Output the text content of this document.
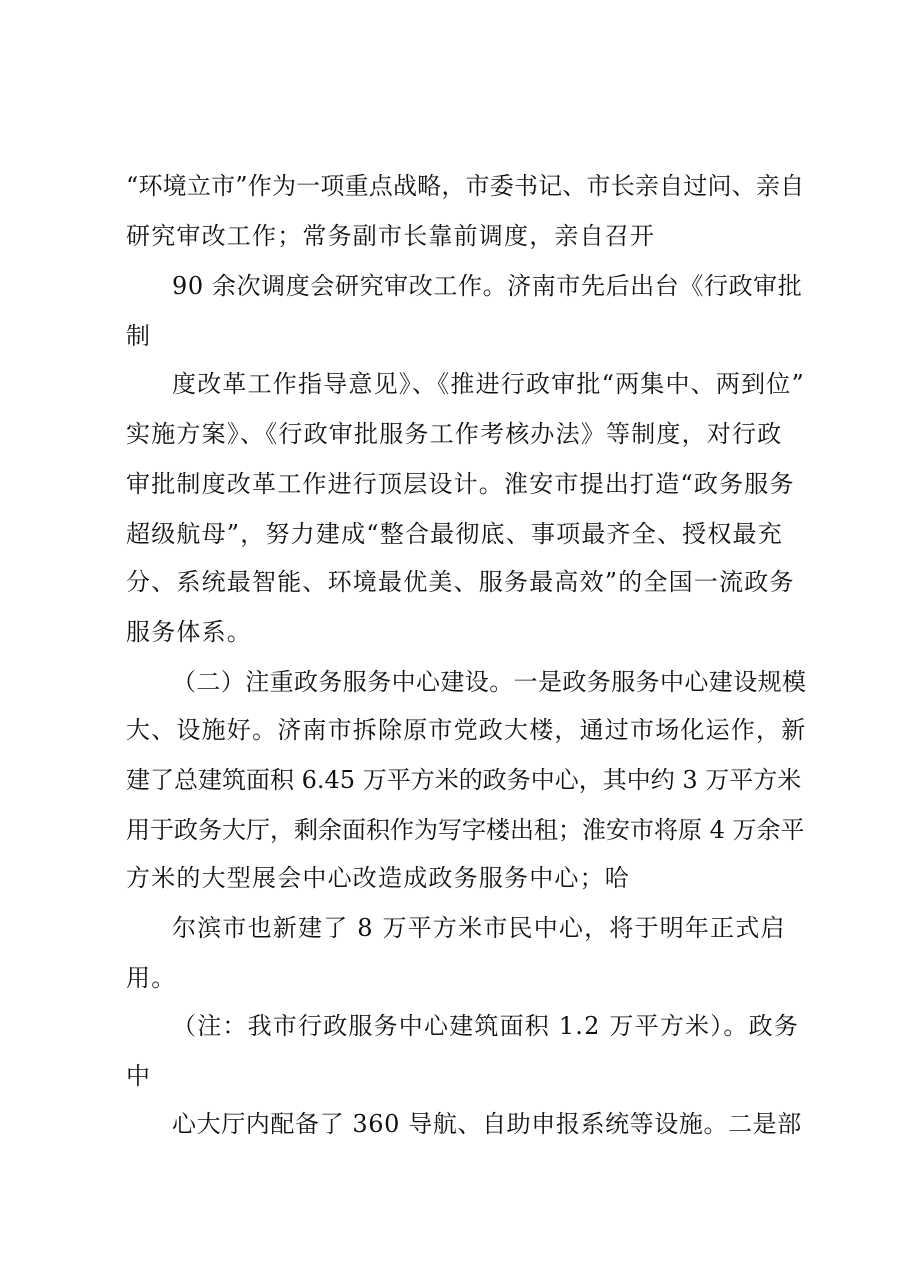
“环境立市”作为一项重点战略，市委书记、市长亲自过问、亲自
研究审改工作；常务副市长靠前调度，亲自召开
90 余次调度会研究审改工作。济南市先后出台《行政审批
制
度改革工作指导意见》、《推进行政审批“两集中、两到位”
实施方案》、《行政审批服务工作考核办法》等制度，对行政
审批制度改革工作进行顶层设计。淮安市提出打造“政务服务
超级航母”，努力建成“整合最彻底、事项最齐全、授权最充
分、系统最智能、环境最优美、服务最高效”的全国一流政务
服务体系。
（二）注重政务服务中心建设。一是政务服务中心建设规模
大、设施好。济南市拆除原市党政大楼，通过市场化运作，新
建了总建筑面积 6.45 万平方米的政务中心，其中约 3 万平方米
用于政务大厅，剩余面积作为写字楼出租；淮安市将原 4 万余平
方米的大型展会中心改造成政务服务中心；哈
尔滨市也新建了 8 万平方米市民中心，将于明年正式启
用。
（注：我市行政服务中心建筑面积 1.2 万平方米）。政务
中
心大厅内配备了 360 导航、自助申报系统等设施。二是部
